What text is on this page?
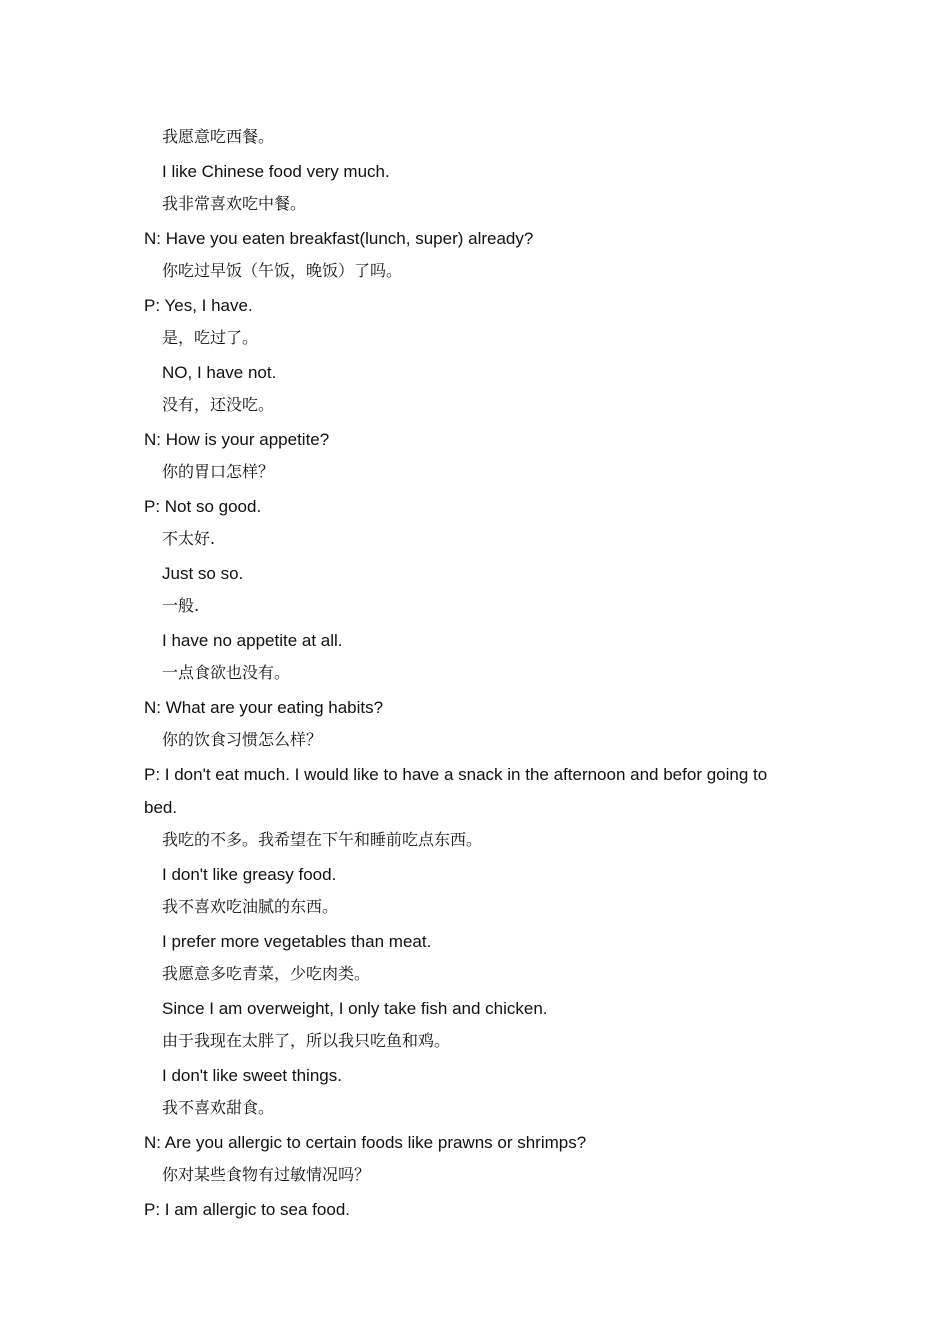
我愿意吃西餐。
I like Chinese food very much.
我非常喜欢吃中餐。
N: Have you eaten breakfast(lunch, super) already?
你吃过早饭（午饭，晚饭）了吗。
P: Yes, I have.
是，吃过了。
NO, I have not.
没有，还没吃。
N: How is your appetite?
你的胃口怎样？
P: Not so good.
不太好.
Just so so.
一般.
I have no appetite at all.
一点食欲也没有。
N: What are your eating habits?
你的饮食习惯怎么样？
P: I don't eat much. I would like to have a snack in the afternoon and befor going to
bed.
我吃的不多。我希望在下午和睡前吃点东西。
I don't like greasy food.
我不喜欢吃油腻的东西。
I prefer more vegetables than meat.
我愿意多吃青菜，少吃肉类。
Since I am overweight, I only take fish and chicken.
由于我现在太胖了，所以我只吃鱼和鸡。
I don't like sweet things.
我不喜欢甜食。
N: Are you allergic to certain foods like prawns or shrimps?
你对某些食物有过敏情况吗？
P: I am allergic to sea food.
